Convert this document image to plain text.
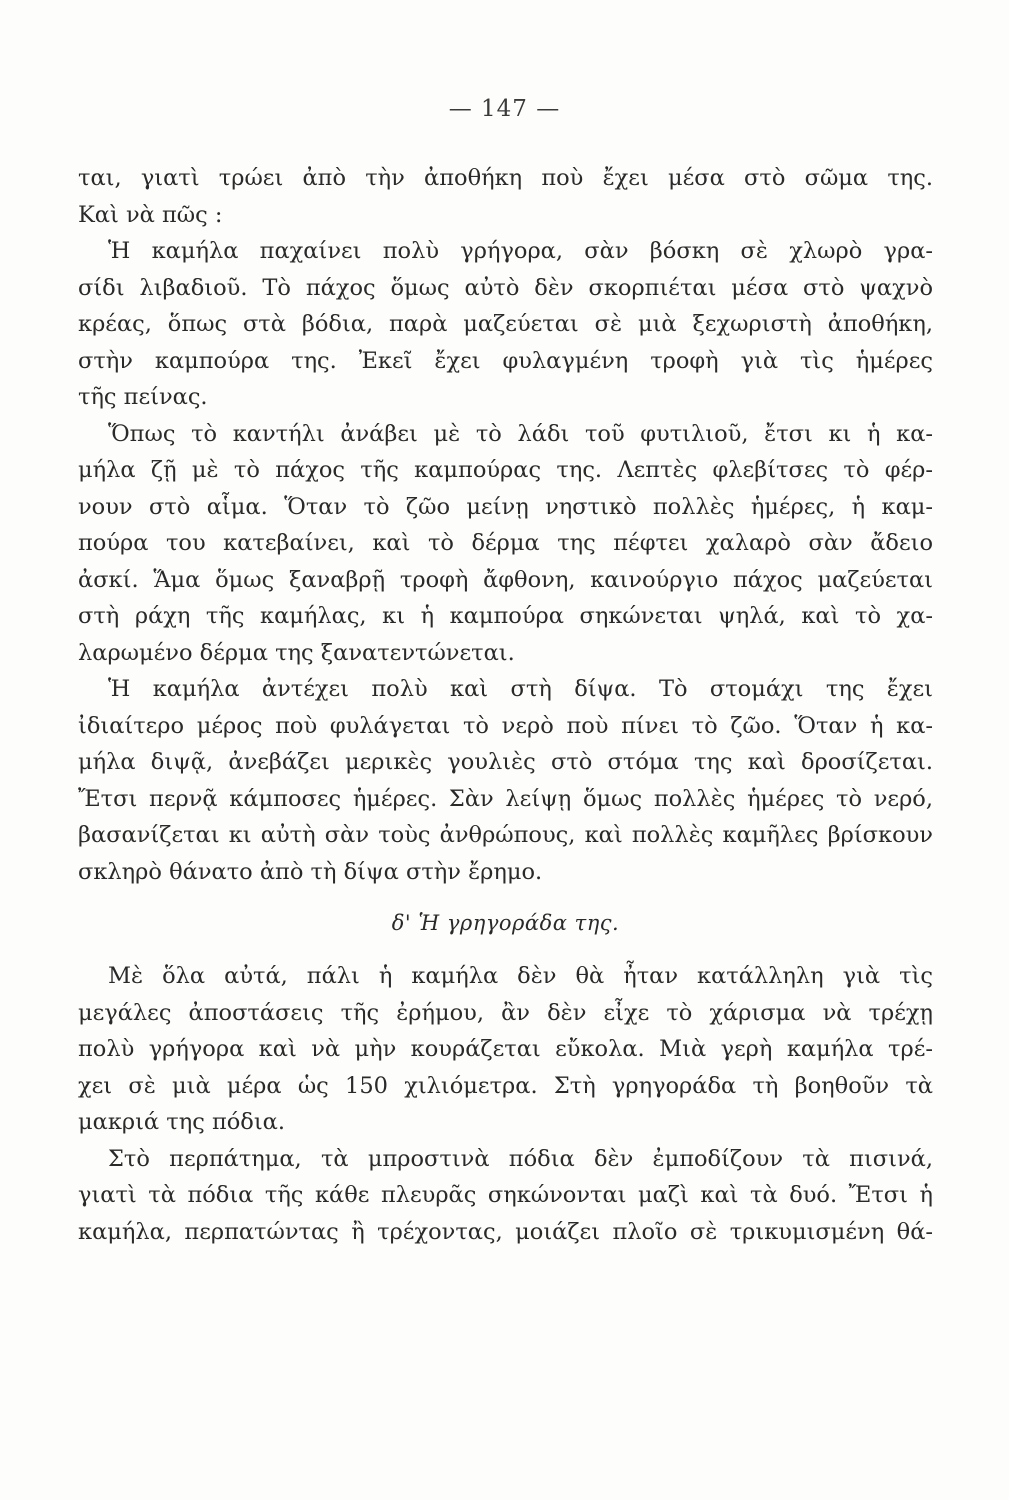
— 147 —
ται, γιατὶ τρώει ἀπὸ τὴν ἀποθήκη ποὺ ἔχει μέσα στὸ σῶμα της.
Καὶ νὰ πῶς :
Ἡ καμήλα παχαίνει πολὺ γρήγορα, σὰν βόσκη σὲ χλωρὸ γρα-
σίδι λιβαδιοῦ. Τὸ πάχος ὅμως αὐτὸ δὲν σκορπιέται μέσα στὸ ψαχνὸ
κρέας, ὅπως στὰ βόδια, παρὰ μαζεύεται σὲ μιὰ ξεχωριστὴ ἀποθήκη,
στὴν καμπούρα της. Ἐκεῖ ἔχει φυλαγμένη τροφὴ γιὰ τὶς ἡμέρες
τῆς πείνας.
Ὅπως τὸ καντήλι ἀνάβει μὲ τὸ λάδι τοῦ φυτιλιοῦ, ἔτσι κι ἡ κα-
μήλα ζῇ μὲ τὸ πάχος τῆς καμπούρας της. Λεπτὲς φλεβίτσες τὸ φέρ-
νουν στὸ αἷμα. Ὅταν τὸ ζῶο μείνῃ νηστικὸ πολλὲς ἡμέρες, ἡ καμ-
πούρα του κατεβαίνει, καὶ τὸ δέρμα της πέφτει χαλαρὸ σὰν ἄδειο
ἀσκί. Ἅμα ὅμως ξαναβρῇ τροφὴ ἄφθονη, καινούργιο πάχος μαζεύεται
στὴ ράχη τῆς καμήλας, κι ἡ καμπούρα σηκώνεται ψηλά, καὶ τὸ χα-
λαρωμένο δέρμα της ξανατεντώνεται.
Ἡ καμήλα ἀντέχει πολὺ καὶ στὴ δίψα. Τὸ στομάχι της ἔχει
ἰδιαίτερο μέρος ποὺ φυλάγεται τὸ νερὸ ποὺ πίνει τὸ ζῶο. Ὅταν ἡ κα-
μήλα διψᾷ, ἀνεβάζει μερικὲς γουλιὲς στὸ στόμα της καὶ δροσίζεται.
Ἔτσι περνᾷ κάμποσες ἡμέρες. Σὰν λείψῃ ὅμως πολλὲς ἡμέρες τὸ νερό,
βασανίζεται κι αὐτὴ σὰν τοὺς ἀνθρώπους, καὶ πολλὲς καμῆλες βρίσκουν
σκληρὸ θάνατο ἀπὸ τὴ δίψα στὴν ἔρημο.
δ' Ἡ γρηγοράδα της.
Μὲ ὅλα αὐτά, πάλι ἡ καμήλα δὲν θὰ ἦταν κατάλληλη γιὰ τὶς
μεγάλες ἀποστάσεις τῆς ἐρήμου, ἂν δὲν εἶχε τὸ χάρισμα νὰ τρέχῃ
πολὺ γρήγορα καὶ νὰ μὴν κουράζεται εὔκολα. Μιὰ γερὴ καμήλα τρέ-
χει σὲ μιὰ μέρα ὡς 150 χιλιόμετρα. Στὴ γρηγοράδα τὴ βοηθοῦν τὰ
μακριά της πόδια.
Στὸ περπάτημα, τὰ μπροστινὰ πόδια δὲν ἐμποδίζουν τὰ πισινά,
γιατὶ τὰ πόδια τῆς κάθε πλευρᾶς σηκώνονται μαζὶ καὶ τὰ δυό. Ἔτσι ἡ
καμήλα, περπατώντας ἢ τρέχοντας, μοιάζει πλοῖο σὲ τρικυμισμένη θά-
